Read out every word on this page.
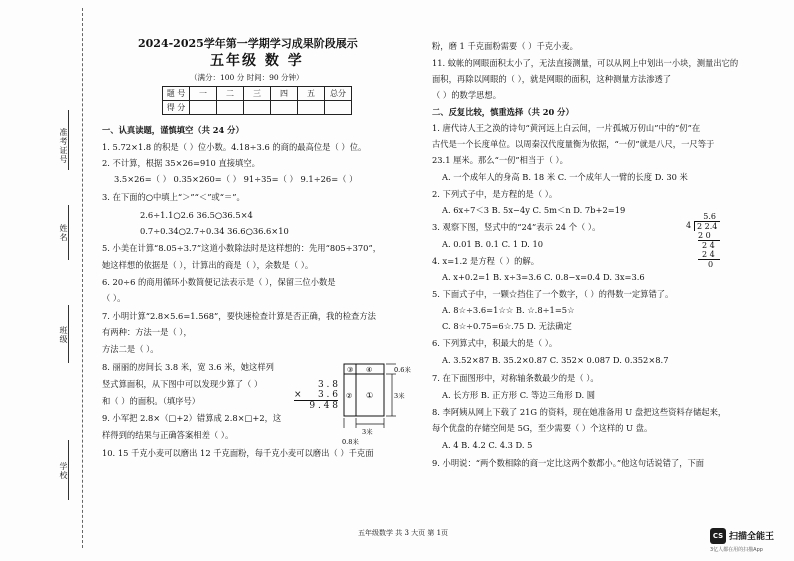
准考证号
姓名
班级
学校
2024-2025学年第一学期学习成果阶段展示
五年级 数 学
（满分：100 分 时间：90 分钟）
题 号	一	二	三	四	五	总分
得 分						
一、认真读题，谨慎填空（共 24 分）
1. 5.72×1.8 的积是（ ）位小数。4.18÷3.6 的商的最高位是（ ）位。
2. 不计算，根据 35×26=910 直接填空。
3.5×26=（ ） 0.35×260=（ ） 91÷35=（ ） 9.1÷26=（ ）
3. 在下面的○中填上“＞”“＜”或“＝”。
2.6÷1.1○2.6 36.5○36.5×4
0.7÷0.34○2.7÷0.34 36.6○36.6×10
5. 小美在计算“8.05÷3.7”这道小数除法时是这样想的：先用“805÷370”，
她这样想的依据是（ ），计算出的商是（ ），余数是（ ）。
6. 20÷6 的商用循环小数简便记法表示是（ ），保留三位小数是
（ ）。
7. 小明计算“2.8×5.6=1.568”，要快速检查计算是否正确，我的检查方法
有两种：方法一是（ ），
方法二是（ ）。
8. 丽丽的房间长 3.8 米，宽 3.6 米，她这样列
竖式算面积，从下图中可以发现少算了（ ）
和（ ）的面积。（填序号）
9. 小军把 2.8×（□+2）错算成 2.8×□+2，这
样得到的结果与正确答案相差（ ）。
10. 15 千克小麦可以磨出 12 千克面粉，每千克小麦可以磨出（ ）千克面
3 . 8
× 3 . 6
9 . 4 8
③ ④
② ①
0.6米
3米
3米
0.8米
粉，磨 1 千克面粉需要（ ）千克小麦。
11. 蚊帐的网眼面积太小了，无法直接测量，可以从网上中划出一小块，测量出它的
面积，再除以网眼的（ ），就是网眼的面积，这种测量方法渗透了
（ ）的数学思想。
二、反复比较，慎重选择（共 20 分）
1. 唐代诗人王之涣的诗句“黄河远上白云间，一片孤城万仞山”中的“仞”在
古代是一个长度单位。以周秦汉代度量衡为依据，“一仞”就是八尺，一尺等于
23.1 厘米。那么“一仞”相当于（ ）。
A. 一个成年人的身高 B. 18 米 C. 一个成年人一臂的长度 D. 30 米
2. 下列式子中，是方程的是（ ）。
A. 6x÷7＜3 B. 5x−4y C. 5m＜n D. 7b+2=19
3. 观察下图，竖式中的“24”表示 24 个（ ）。
A. 0.01 B. 0.1 C. 1 D. 10
4. x=1.2 是方程（ ）的解。
A. x+0.2=1 B. x÷3=3.6 C. 0.8−x=0.4 D. 3x=3.6
5. 下面式子中，一颗☆挡住了一个数字，（ ）的得数一定算错了。
A. 8☆÷3.6=1☆☆ B. ☆.8÷1=5☆
C. 8☆÷0.75=6☆.75 D. 无法确定
6. 下列算式中，积最大的是（ ）。
A. 3.52×87 B. 35.2×0.87 C. 352× 0.087 D. 0.352×8.7
7. 在下面图形中，对称轴条数最少的是（ ）。
A. 长方形 B. 正方形 C. 等边三角形 D. 圆
8. 李阿姨从网上下载了 21G 的资料，现在她准备用 U 盘把这些资料存储起来，
每个优盘的存储空间是 5G，至少需要（ ）个这样的 U 盘。
A. 4 B. 4.2 C. 4.3 D. 5
9. 小明说：“两个数相除的商一定比这两个数都小。”他这句话说错了，下面
5.6
4 2 2.4
2 0
2 4
2 4
0
五年级数学 共 3 大页 第 1页	CS 扫描全能王
3亿人都在用的扫描App
